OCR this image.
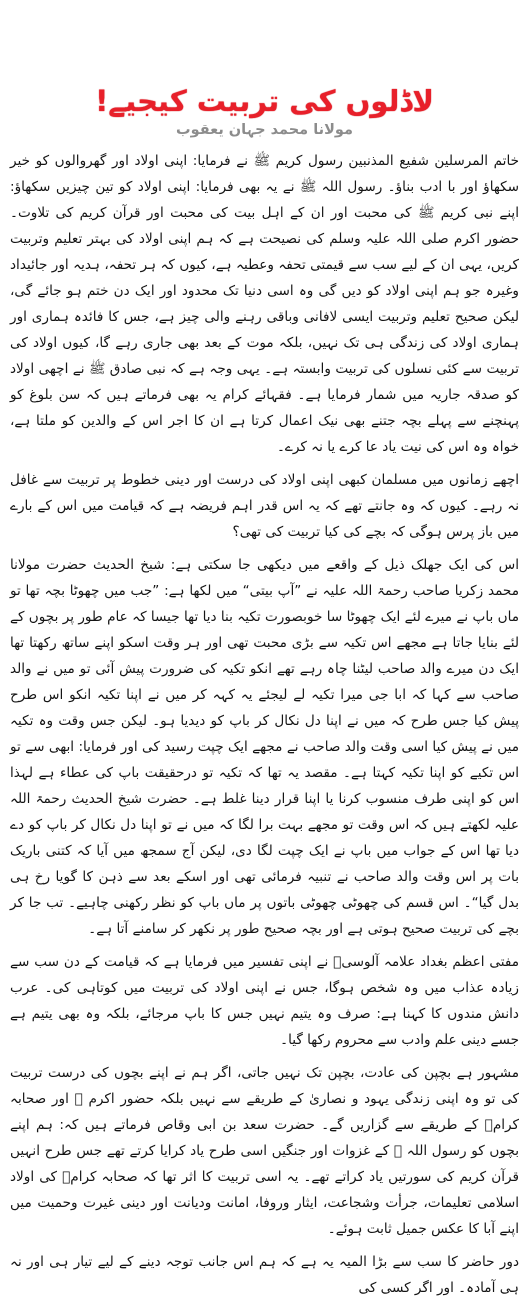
لاڈلوں کی تربیت کیجیے!
مولانا محمد جہان یعقوب

خاتم المرسلین شفیع المذنبین رسول کریم ﷺ نے فرمایا: اپنی اولاد اور گھروالوں کو خیر سکھاؤ اور با ادب بناؤ۔ رسول اللہ ﷺ نے یہ بھی فرمایا: اپنی اولاد کو تین چیزیں سکھاؤ: اپنے نبی کریم ﷺ کی محبت اور ان کے اہل بیت کی محبت اور قرآن کریم کی تلاوت۔ حضور اکرم صلی اللہ علیہ وسلم کی نصیحت ہے کہ ہم اپنی اولاد کی بہتر تعلیم وتربیت کریں، یہی ان کے لیے سب سے قیمتی تحفہ وعطیہ ہے، کیوں کہ ہر تحفہ، ہدیہ اور جائیداد وغیرہ جو ہم اپنی اولاد کو دیں گی وہ اسی دنیا تک محدود اور ایک دن ختم ہو جائے گی، لیکن صحیح تعلیم وتربیت ایسی لافانی وباقی رہنے والی چیز ہے، جس کا فائدہ ہماری اور ہماری اولاد کی زندگی ہی تک نہیں، بلکہ موت کے بعد بھی جاری رہے گا، کیوں اولاد کی تربیت سے کئی نسلوں کی تربیت وابستہ ہے۔ یہی وجہ ہے کہ نبی صادق ﷺ نے اچھی اولاد کو صدقہ جاریہ میں شمار فرمایا ہے۔ فقہائے کرام یہ بھی فرماتے ہیں کہ سن بلوغ کو پہنچنے سے پہلے بچہ جتنے بھی نیک اعمال کرتا ہے ان کا اجر اس کے والدین کو ملتا ہے، خواہ وہ اس کی نیت یاد عا کرے یا نہ کرے۔

اچھے زمانوں میں مسلمان کبھی اپنی اولاد کی درست اور دینی خطوط پر تربیت سے غافل نہ رہے۔ کیوں کہ وہ جانتے تھے کہ یہ اس قدر اہم فریضہ ہے کہ قیامت میں اس کے بارے میں باز پرس ہوگی کہ بچے کی کیا تربیت کی تھی؟

اس کی ایک جھلک ذیل کے واقعے میں دیکھی جا سکتی ہے: شیخ الحدیث حضرت مولانا محمد زکریا صاحب رحمۃ اللہ علیہ نے ”آپ بیتی“ میں لکھا ہے: ”جب میں چھوٹا بچہ تھا تو ماں باپ نے میرے لئے ایک چھوٹا سا خوبصورت تکیہ بنا دیا تھا جیسا کہ عام طور پر بچوں کے لئے بنایا جاتا ہے مجھے اس تکیہ سے بڑی محبت تھی اور ہر وقت اسکو اپنے ساتھ رکھتا تھا ایک دن میرے والد صاحب لیٹنا چاہ رہے تھے انکو تکیہ کی ضرورت پیش آئی تو میں نے والد صاحب سے کہا کہ ابا جی میرا تکیہ لے لیجئے یہ کہہ کر میں نے اپنا تکیہ انکو اس طرح پیش کیا جس طرح کہ میں نے اپنا دل نکال کر باپ کو دیدیا ہو۔ لیکن جس وقت وہ تکیہ میں نے پیش کیا اسی وقت والد صاحب نے مجھے ایک چپت رسید کی اور فرمایا: ابھی سے تو اس تکیے کو اپنا تکیہ کہتا ہے۔ مقصد یہ تھا کہ تکیہ تو درحقیقت باپ کی عطاء ہے لہذا اس کو اپنی طرف منسوب کرنا یا اپنا قرار دینا غلط ہے۔ حضرت شیخ الحدیث رحمۃ اللہ علیہ لکھتے ہیں کہ اس وقت تو مجھے بہت برا لگا کہ میں نے تو اپنا دل نکال کر باپ کو دے دیا تھا اس کے جواب میں باپ نے ایک چپت لگا دی، لیکن آج سمجھ میں آیا کہ کتنی باریک بات پر اس وقت والد صاحب نے تنبیہ فرمائی تھی اور اسکے بعد سے ذہن کا گویا رخ ہی بدل گیا“۔ اس قسم کی چھوٹی چھوٹی باتوں پر ماں باپ کو نظر رکھنی چاہیے۔ تب جا کر بچے کی تربیت صحیح ہوتی ہے اور بچہ صحیح طور پر نکھر کر سامنے آتا ہے۔

مفتی اعظم بغداد علامہ آلوسیؒ نے اپنی تفسیر میں فرمایا ہے کہ قیامت کے دن سب سے زیادہ عذاب میں وہ شخص ہوگا، جس نے اپنی اولاد کی تربیت میں کوتاہی کی۔ عرب دانش مندوں کا کہنا ہے: صرف وہ یتیم نہیں جس کا باپ مرجائے، بلکہ وہ بھی یتیم ہے جسے دینی علم وادب سے محروم رکھا گیا۔

مشہور ہے بچپن کی عادت، بچپن تک نہیں جاتی، اگر ہم نے اپنے بچوں کی درست تربیت کی تو وہ اپنی زندگی یہود و نصاریٰ کے طریقے سے نہیں بلکہ حضور اکرم ﷺ اور صحابہ کرامؓ کے طریقے سے گزاریں گے۔ حضرت سعد بن ابی وقاص فرماتے ہیں کہ: ہم اپنے بچوں کو رسول اللہ ﷺ کے غزوات اور جنگیں اسی طرح یاد کرایا کرتے تھے جس طرح انہیں قرآن کریم کی سورتیں یاد کراتے تھے۔ یہ اسی تربیت کا اثر تھا کہ صحابہ کرامؓ کی اولاد اسلامی تعلیمات، جرأت وشجاعت، ایثار وروفا، امانت ودیانت اور دینی غیرت وحمیت میں اپنے آبا کا عکس جمیل ثابت ہوئے۔

دور حاضر کا سب سے بڑا المیہ یہ ہے کہ ہم اس جانب توجہ دینے کے لیے تیار ہی اور نہ ہی آمادہ۔ اور اگر کسی کی
